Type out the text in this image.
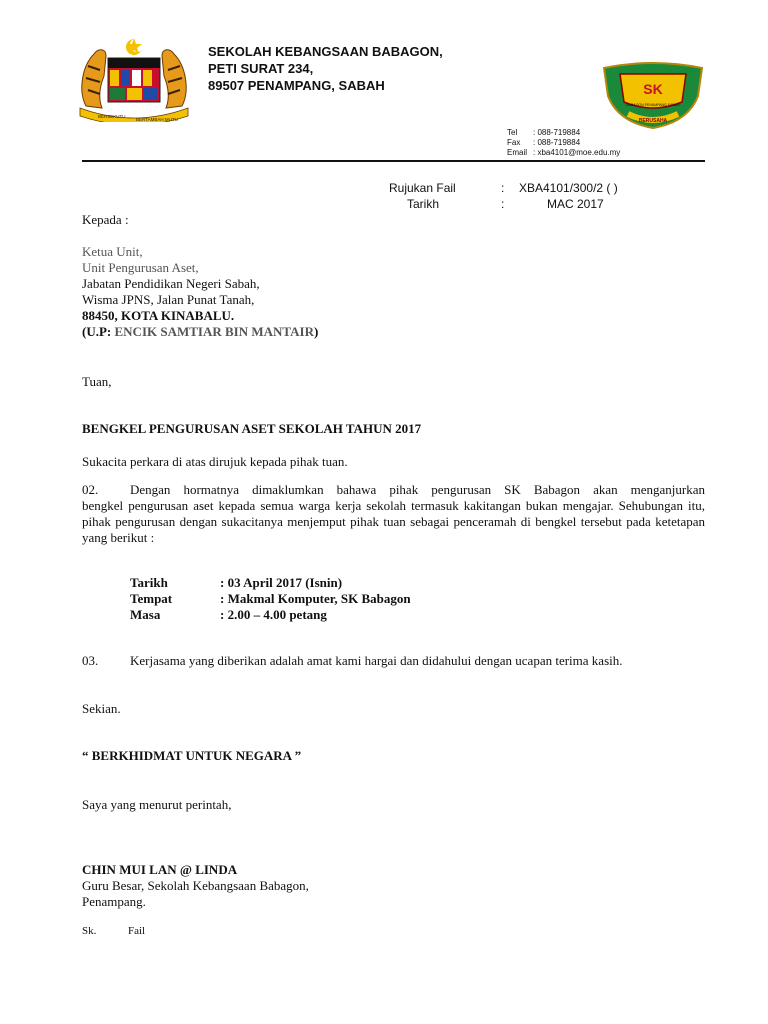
BERSEKUTU
BERTAMBAH MUTU
SEKOLAH KEBANGSAAN BABAGON,
PETI SURAT 234,
89507 PENAMPANG, SABAH	SK
BABAGON PENAMPANG SABAH
BERUSAHA
Tel : 088-719884
Fax : 088-719884
Email : xba4101@moe.edu.my
Rujukan Fail	: XBA4101/300/2 ( )
Tarikh	:	MAC 2017
Kepada :
Ketua Unit,
Unit Pengurusan Aset,
Jabatan Pendidikan Negeri Sabah,
Wisma JPNS, Jalan Punat Tanah,
88450, KOTA KINABALU.
(U.P: ENCIK SAMTIAR BIN MANTAIR)
Tuan,
BENGKEL PENGURUSAN ASET SEKOLAH TAHUN 2017
Sukacita perkara di atas dirujuk kepada pihak tuan.
02. Dengan hormatnya dimaklumkan bahawa pihak pengurusan SK Babagon akan menganjurkan
bengkel pengurusan aset kepada semua warga kerja sekolah termasuk kakitangan bukan mengajar. Sehubungan itu, pihak pengurusan dengan sukacitanya menjemput pihak tuan sebagai penceramah di bengkel tersebut pada ketetapan yang berikut :
Tarikh	: 03 April 2017 (Isnin)
Tempat	: Makmal Komputer, SK Babagon
Masa	: 2.00 – 4.00 petang
03. Kerjasama yang diberikan adalah amat kami hargai dan didahului dengan ucapan terima kasih.
Sekian.
“ BERKHIDMAT UNTUK NEGARA ”
Saya yang menurut perintah,
CHIN MUI LAN @ LINDA
Guru Besar, Sekolah Kebangsaan Babagon,
Penampang.
Sk.	Fail
